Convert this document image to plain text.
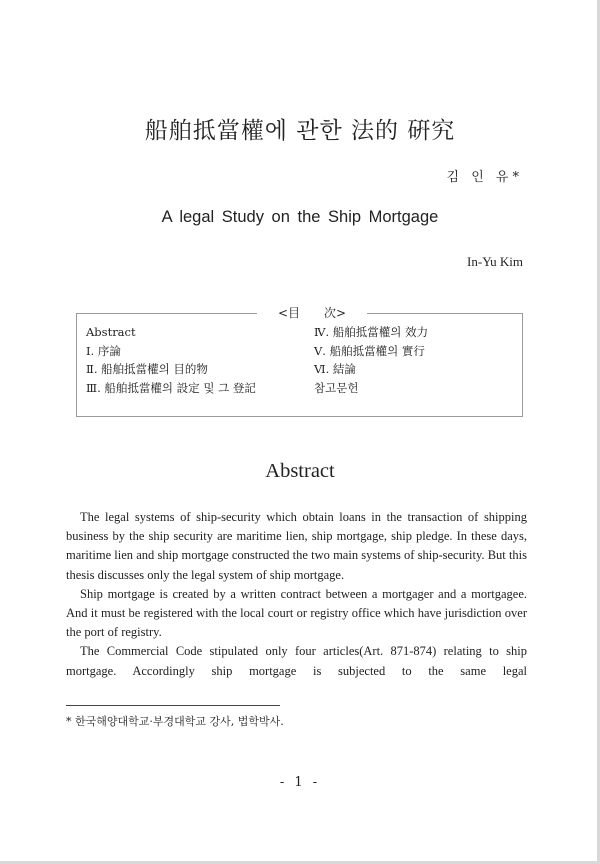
船舶抵當權에 관한 法的 硏究
김 인 유*
A legal Study on the Ship Mortgage
In-Yu Kim
<目　　次>
Abstract
Ⅰ. 序論
Ⅱ. 船舶抵當權의 目的物
Ⅲ. 船舶抵當權의 設定 및 그 登記
Ⅳ. 船舶抵當權의 效力
Ⅴ. 船舶抵當權의 實行
Ⅵ. 結論
참고문헌
Abstract

The legal systems of ship-security which obtain loans in the transaction of shipping business by the ship security are maritime lien, ship mortgage, ship pledge. In these days, maritime lien and ship mortgage constructed the two main systems of ship-security. But this thesis discusses only the legal system of ship mortgage.

Ship mortgage is created by a written contract between a mortgager and a mortgagee. And it must be registered with the local court or registry office which have jurisdiction over the port of registry.

The Commercial Code stipulated only four articles(Art. 871-874) relating to ship mortgage. Accordingly ship mortgage is subjected to the same legal

* 한국해양대학교·부경대학교 강사, 법학박사.
- 1 -
